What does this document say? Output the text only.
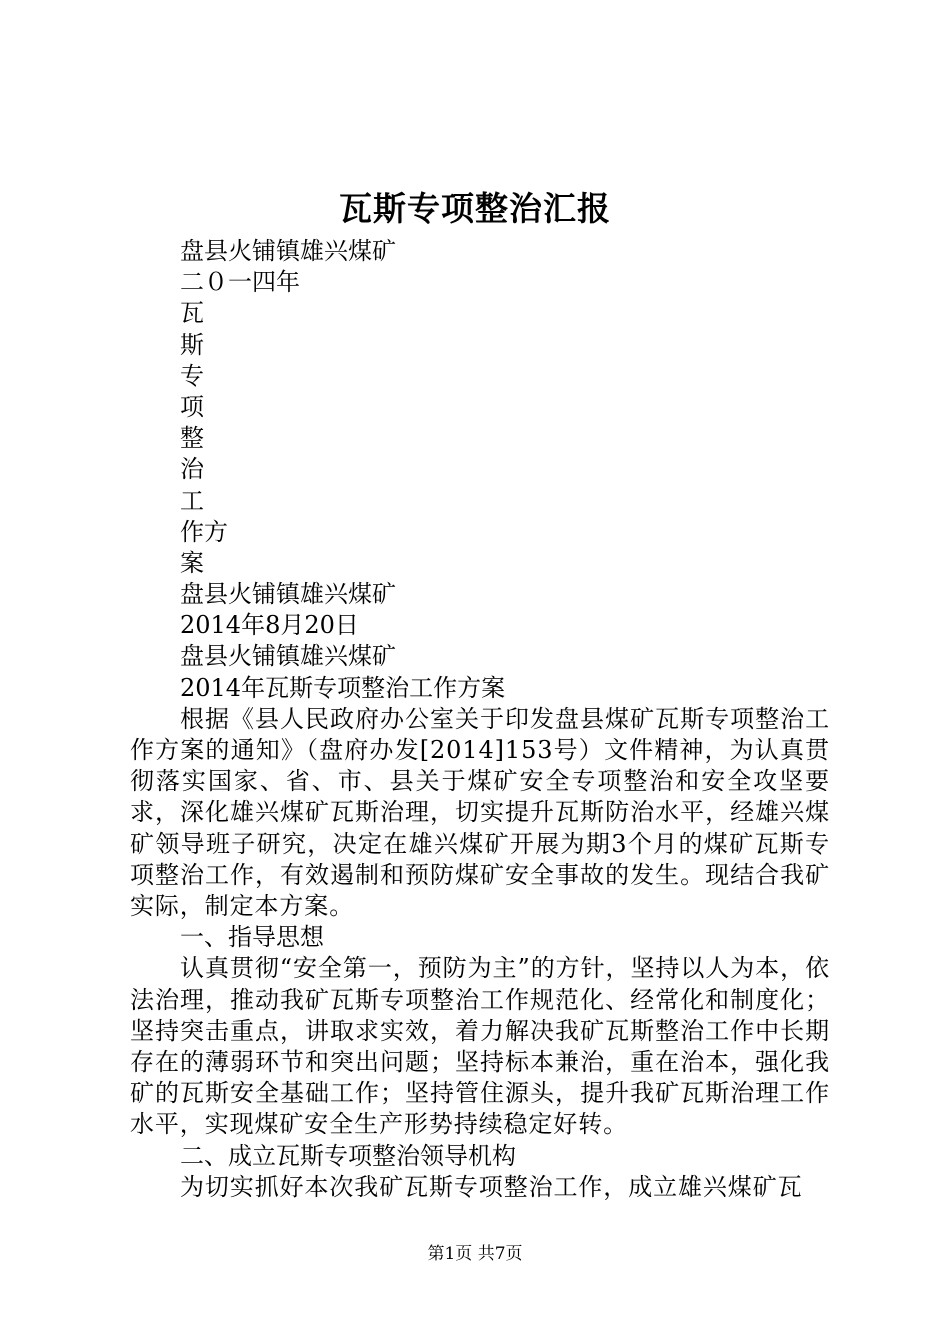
瓦斯专项整治汇报

盘县火铺镇雄兴煤矿

二０一四年

瓦

斯

专

项

整

治

工

作方

案

盘县火铺镇雄兴煤矿

2014年8月20日

盘县火铺镇雄兴煤矿

2014年瓦斯专项整治工作方案

根据《县人民政府办公室关于印发盘县煤矿瓦斯专项整治工作方案的通知》（盘府办发[2014]153号）文件精神，为认真贯彻落实国家、省、市、县关于煤矿安全专项整治和安全攻坚要求，深化雄兴煤矿瓦斯治理，切实提升瓦斯防治水平，经雄兴煤矿领导班子研究，决定在雄兴煤矿开展为期3个月的煤矿瓦斯专项整治工作，有效遏制和预防煤矿安全事故的发生。现结合我矿实际，制定本方案。

一、指导思想

认真贯彻“安全第一，预防为主”的方针，坚持以人为本，依法治理，推动我矿瓦斯专项整治工作规范化、经常化和制度化；坚持突击重点，讲取求实效，着力解决我矿瓦斯整治工作中长期存在的薄弱环节和突出问题；坚持标本兼治，重在治本，强化我矿的瓦斯安全基础工作；坚持管住源头，提升我矿瓦斯治理工作水平，实现煤矿安全生产形势持续稳定好转。

二、成立瓦斯专项整治领导机构

为切实抓好本次我矿瓦斯专项整治工作，成立雄兴煤矿瓦

第1页 共7页
